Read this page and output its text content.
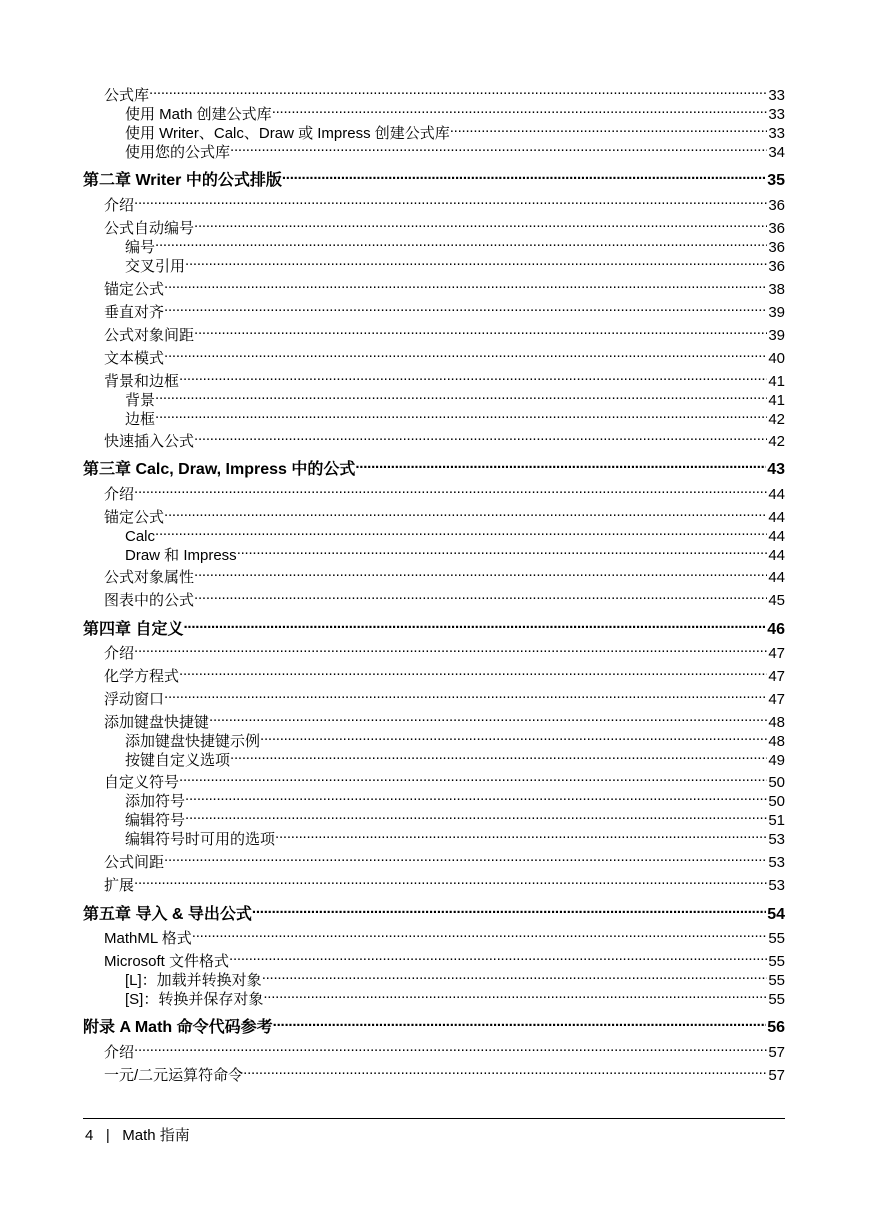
公式库 . . .	33
使用 Math 创建公式库 . . .	33
使用 Writer、Calc、Draw 或 Impress 创建公式库 . . .	33
使用您的公式库 . . .	34
第二章 Writer 中的公式排版 . . .	35
介绍 . . .	36
公式自动编号 . . .	36
编号 . . .	36
交叉引用 . . .	36
锚定公式 . . .	38
垂直对齐 . . .	39
公式对象间距 . . .	39
文本模式 . . .	40
背景和边框 . . .	41
背景 . . .	41
边框 . . .	42
快速插入公式 . . .	42
第三章 Calc, Draw, Impress 中的公式 . . .	43
介绍 . . .	44
锚定公式 . . .	44
Calc . . .	44
Draw 和 Impress . . .	44
公式对象属性 . . .	44
图表中的公式 . . .	45
第四章 自定义 . . .	46
介绍 . . .	47
化学方程式 . . .	47
浮动窗口 . . .	47
添加键盘快捷键 . . .	48
添加键盘快捷键示例 . . .	48
按键自定义选项 . . .	49
自定义符号 . . .	50
添加符号 . . .	50
编辑符号 . . .	51
编辑符号时可用的选项 . . .	53
公式间距 . . .	53
扩展 . . .	53
第五章 导入 & 导出公式 . . .	54
MathML 格式 . . .	55
Microsoft 文件格式 . . .	55
[L]：加载并转换对象 . . .	55
[S]：转换并保存对象 . . .	55
附录 A Math 命令代码参考 . . .	56
介绍 . . .	57
一元/二元运算符命令 . . .	57
4 | Math 指南
